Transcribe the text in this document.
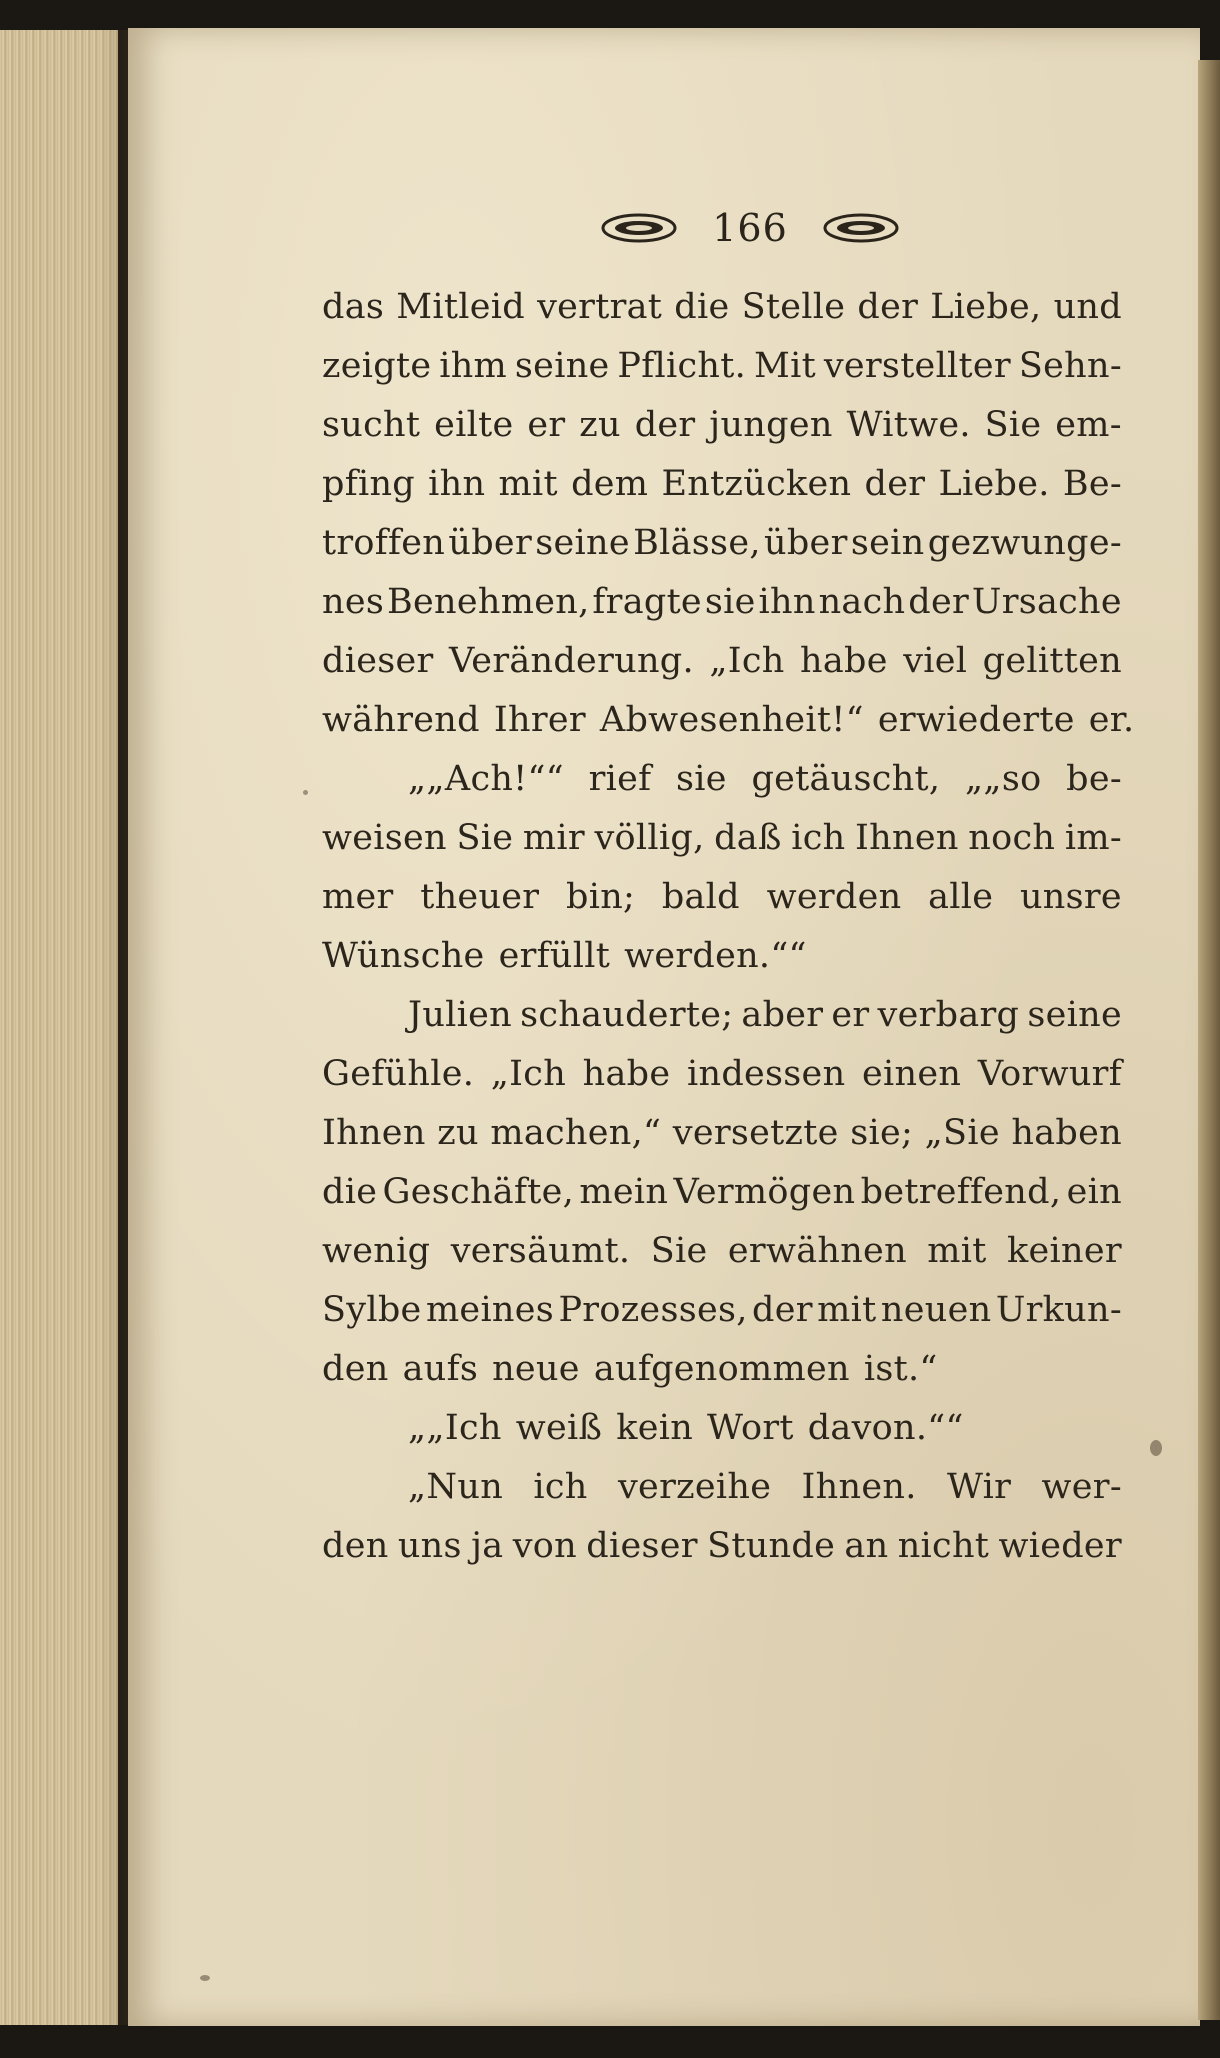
166
das Mitleid vertrat die Stelle der Liebe, und
zeigte ihm seine Pflicht. Mit verstellter Sehn-
sucht eilte er zu der jungen Witwe. Sie em-
pfing ihn mit dem Entzücken der Liebe. Be-
troffen über seine Blässe, über sein gezwunge-
nes Benehmen, fragte sie ihn nach der Ursache
dieser Veränderung. „Ich habe viel gelitten
während Ihrer Abwesenheit!“ erwiederte er.
„„Ach!““ rief sie getäuscht, „„so be-
weisen Sie mir völlig, daß ich Ihnen noch im-
mer theuer bin; bald werden alle unsre
Wünsche erfüllt werden.““
Julien schauderte; aber er verbarg seine
Gefühle. „Ich habe indessen einen Vorwurf
Ihnen zu machen,“ versetzte sie; „Sie haben
die Geschäfte, mein Vermögen betreffend, ein
wenig versäumt. Sie erwähnen mit keiner
Sylbe meines Prozesses, der mit neuen Urkun-
den aufs neue aufgenommen ist.“
„„Ich weiß kein Wort davon.““
„Nun ich verzeihe Ihnen. Wir wer-
den uns ja von dieser Stunde an nicht wieder
